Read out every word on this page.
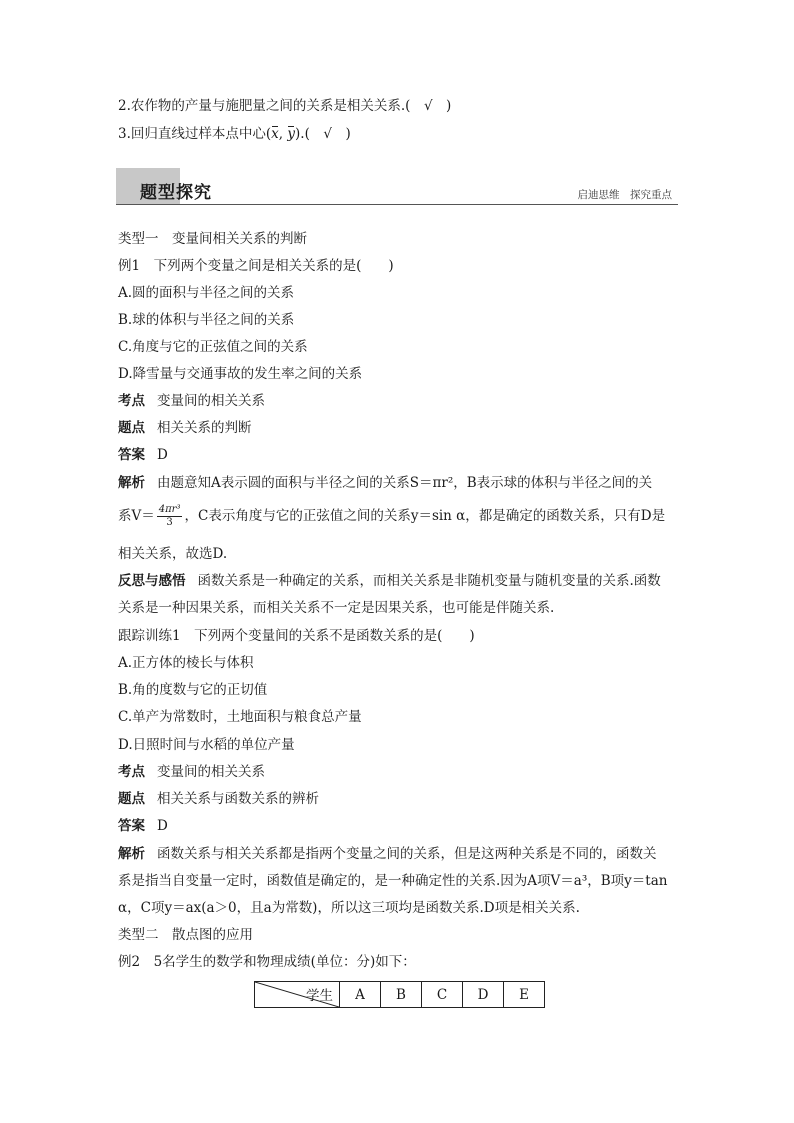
2.农作物的产量与施肥量之间的关系是相关关系.(　√　)
3.回归直线过样本点中心(
x,
y).(　√　)
题型探究	启迪思维　探究重点
类型一　变量间相关关系的判断
例1　下列两个变量之间是相关关系的是(　　)
A.圆的面积与半径之间的关系
B.球的体积与半径之间的关系
C.角度与它的正弦值之间的关系
D.降雪量与交通事故的发生率之间的关系
考点 变量间的相关关系
题点 相关关系的判断
答案 D
解析 由题意知A表示圆的面积与半径之间的关系S＝πr²，B表示球的体积与半径之间的关
系$V= \frac{\text{4πr³}}{3}$ ，C表示角度与它的正弦值之间的关系y＝sin α，都是确定的函数关系，只有D是
相关关系，故选D.
反思与感悟 函数关系是一种确定的关系，而相关关系是非随机变量与随机变量的关系.函数
关系是一种因果关系，而相关关系不一定是因果关系，也可能是伴随关系.
跟踪训练1　下列两个变量间的关系不是函数关系的是(　　)
A.正方体的棱长与体积
B.角的度数与它的正切值
C.单产为常数时，土地面积与粮食总产量
D.日照时间与水稻的单位产量
考点 变量间的相关关系
题点 相关关系与函数关系的辨析
答案 D
解析 函数关系与相关关系都是指两个变量之间的关系，但是这两种关系是不同的，函数关
系是指当自变量一定时，函数值是确定的，是一种确定性的关系.因为A项V＝a³，B项y＝tan
α，C项y＝ax(a＞0，且a为常数)，所以这三项均是函数关系.D项是相关关系.
类型二　散点图的应用
例2　5名学生的数学和物理成绩(单位：分)如下：
学生	A	B	C	D	E
